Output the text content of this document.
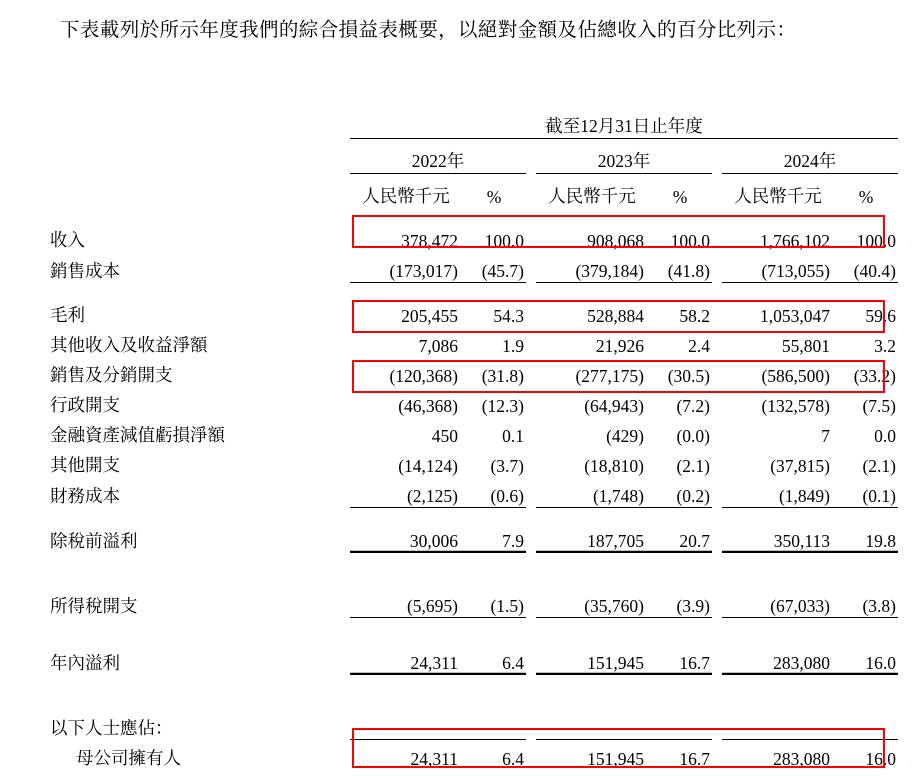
下表載列於所示年度我們的綜合損益表概要，以絕對金額及佔總收入的百分比列示：
	截至12月31日止年度							
	2022年			2023年			2024年	
	人民幣千元	%		人民幣千元	%		人民幣千元	%

收入	378,472	100.0		908,068	100.0		1,766,102	100.0
銷售成本	(173,017)	(45.7)		(379,184)	(41.8)		(713,055)	(40.4)

毛利	205,455	54.3		528,884	58.2		1,053,047	59.6
其他收入及收益淨額	7,086	1.9		21,926	2.4		55,801	3.2
銷售及分銷開支	(120,368)	(31.8)		(277,175)	(30.5)		(586,500)	(33.2)
行政開支	(46,368)	(12.3)		(64,943)	(7.2)		(132,578)	(7.5)
金融資產減值虧損淨額	450	0.1		(429)	(0.0)		7	0.0
其他開支	(14,124)	(3.7)		(18,810)	(2.1)		(37,815)	(2.1)
財務成本	(2,125)	(0.6)		(1,748)	(0.2)		(1,849)	(0.1)

除稅前溢利	30,006	7.9		187,705	20.7		350,113	19.8

所得稅開支	(5,695)	(1.5)		(35,760)	(3.9)		(67,033)	(3.8)

年內溢利	24,311	6.4		151,945	16.7		283,080	16.0

以下人士應佔：								
母公司擁有人	24,311	6.4		151,945	16.7		283,080	16.0
